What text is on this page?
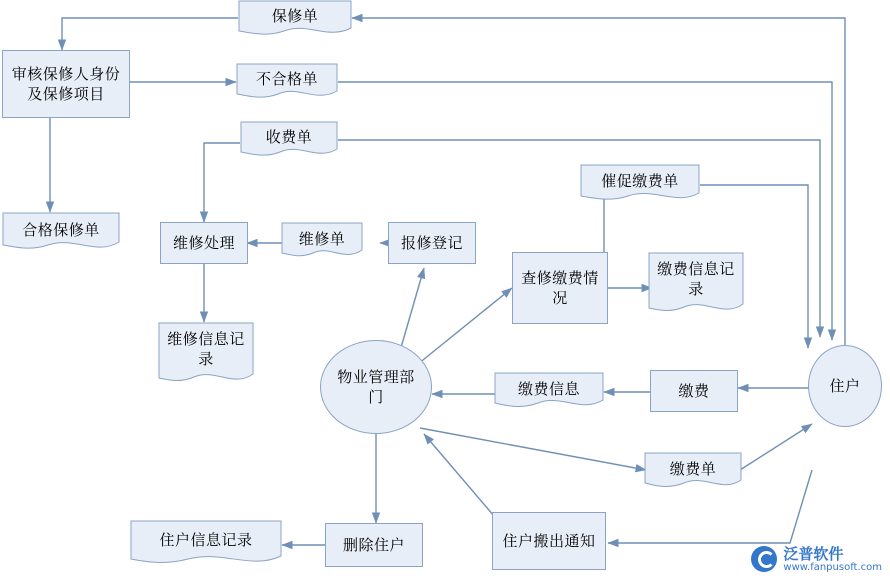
保修单
审核保修人身份及保修项目
不合格单
收费单
催促缴费单
合格保修单
维修处理	维修单	报修登记
查修缴费情况
缴费信息记录
维修信息记录
物业管理部门	缴费信息	缴费	住户
缴费单
住户搬出通知
删除住户
住户信息记录
泛普软件
www.fanpusoft.com
